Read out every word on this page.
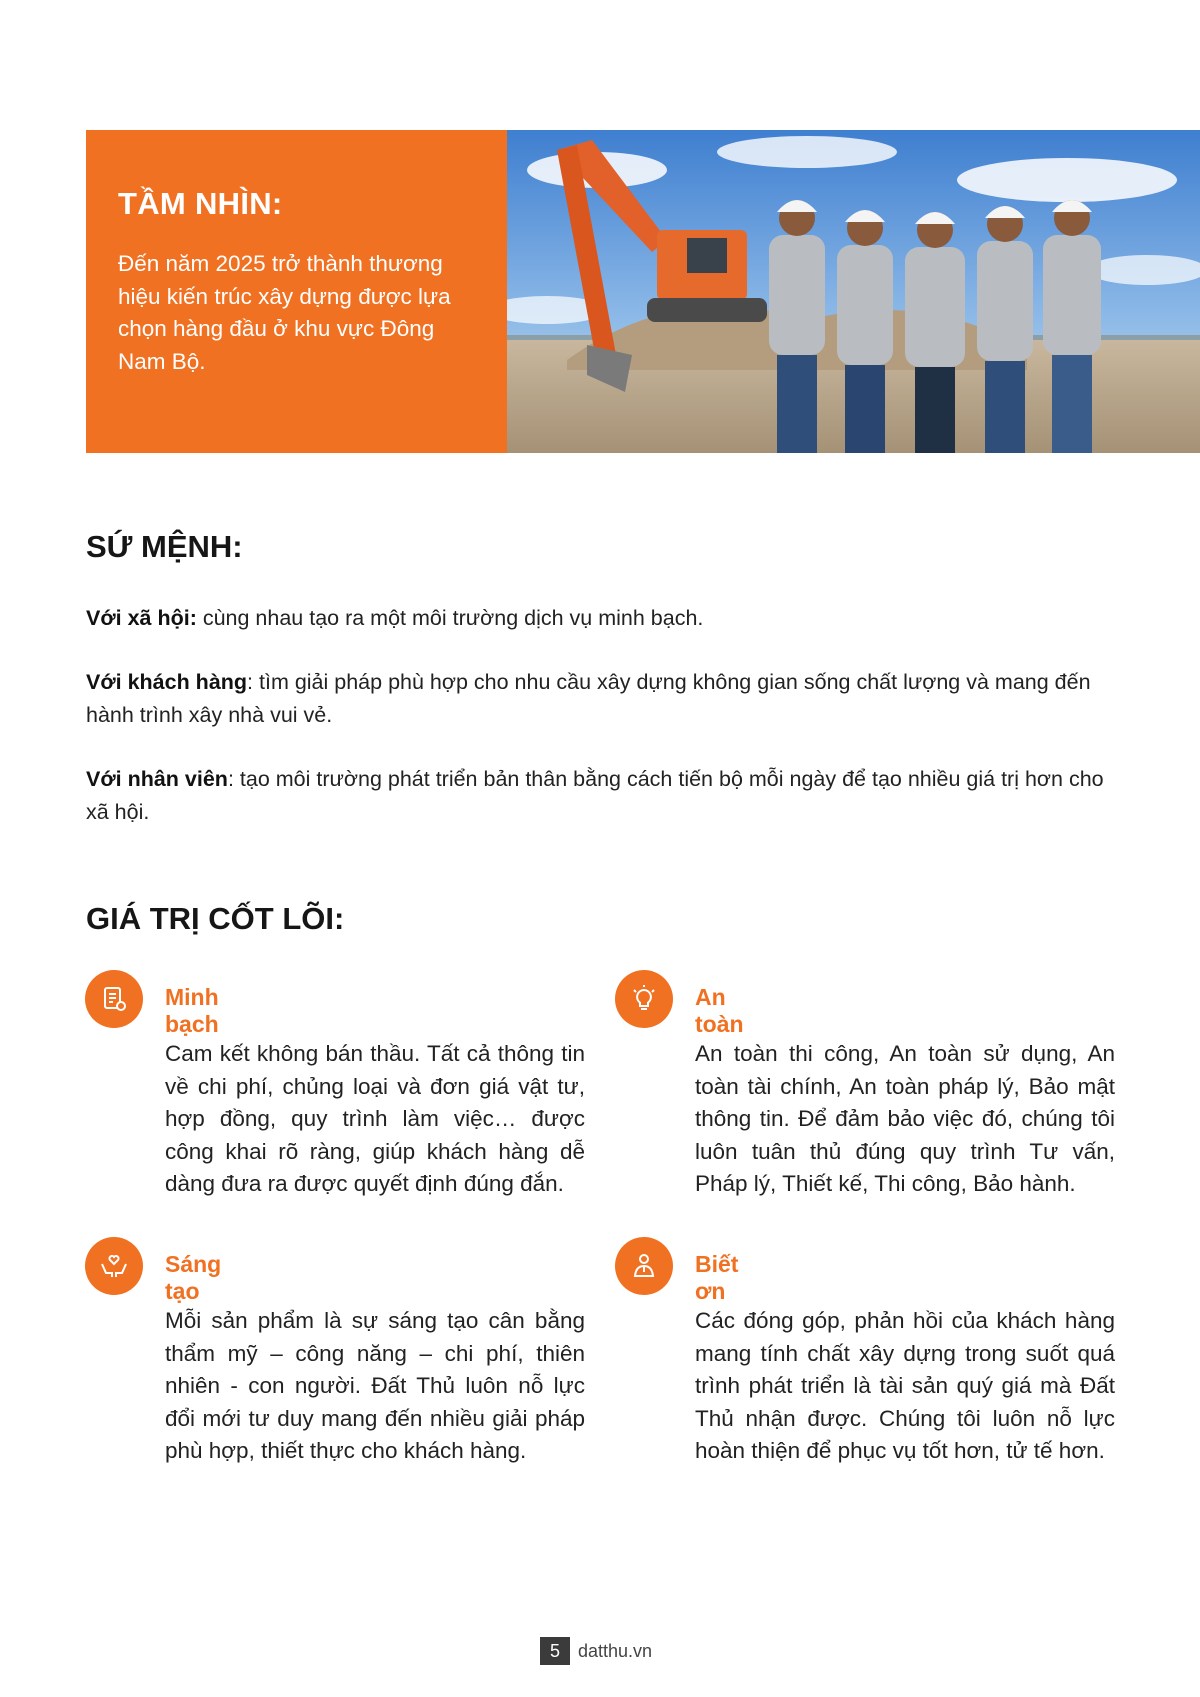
TẦM NHÌN:

Đến năm 2025 trở thành thương hiệu kiến trúc xây dựng được lựa chọn hàng đầu ở khu vực Đông Nam Bộ.

SỨ MỆNH:

Với xã hội: cùng nhau tạo ra một môi trường dịch vụ minh bạch.

Với khách hàng: tìm giải pháp phù hợp cho nhu cầu xây dựng không gian sống chất lượng và mang đến hành trình xây nhà vui vẻ.

Với nhân viên: tạo môi trường phát triển bản thân bằng cách tiến bộ mỗi ngày để tạo nhiều giá trị hơn cho xã hội.

GIÁ TRỊ CỐT LÕI:
Minh bạch

Cam kết không bán thầu. Tất cả thông tin về chi phí, chủng loại và đơn giá vật tư, hợp đồng, quy trình làm việc… được công khai rõ ràng, giúp khách hàng dễ dàng đưa ra được quyết định đúng đắn.

An toàn

An toàn thi công, An toàn sử dụng, An toàn tài chính, An toàn pháp lý, Bảo mật thông tin. Để đảm bảo việc đó, chúng tôi luôn tuân thủ đúng quy trình Tư vấn, Pháp lý, Thiết kế, Thi công, Bảo hành.

Sáng tạo

Mỗi sản phẩm là sự sáng tạo cân bằng thẩm mỹ – công năng – chi phí, thiên nhiên - con người. Đất Thủ luôn nỗ lực đổi mới tư duy mang đến nhiều giải pháp phù hợp, thiết thực cho khách hàng.

Biết ơn

Các đóng góp, phản hồi của khách hàng mang tính chất xây dựng trong suốt quá trình phát triển là tài sản quý giá mà Đất Thủ nhận được. Chúng tôi luôn nỗ lực hoàn thiện để phục vụ tốt hơn, tử tế hơn.

5	datthu.vn
